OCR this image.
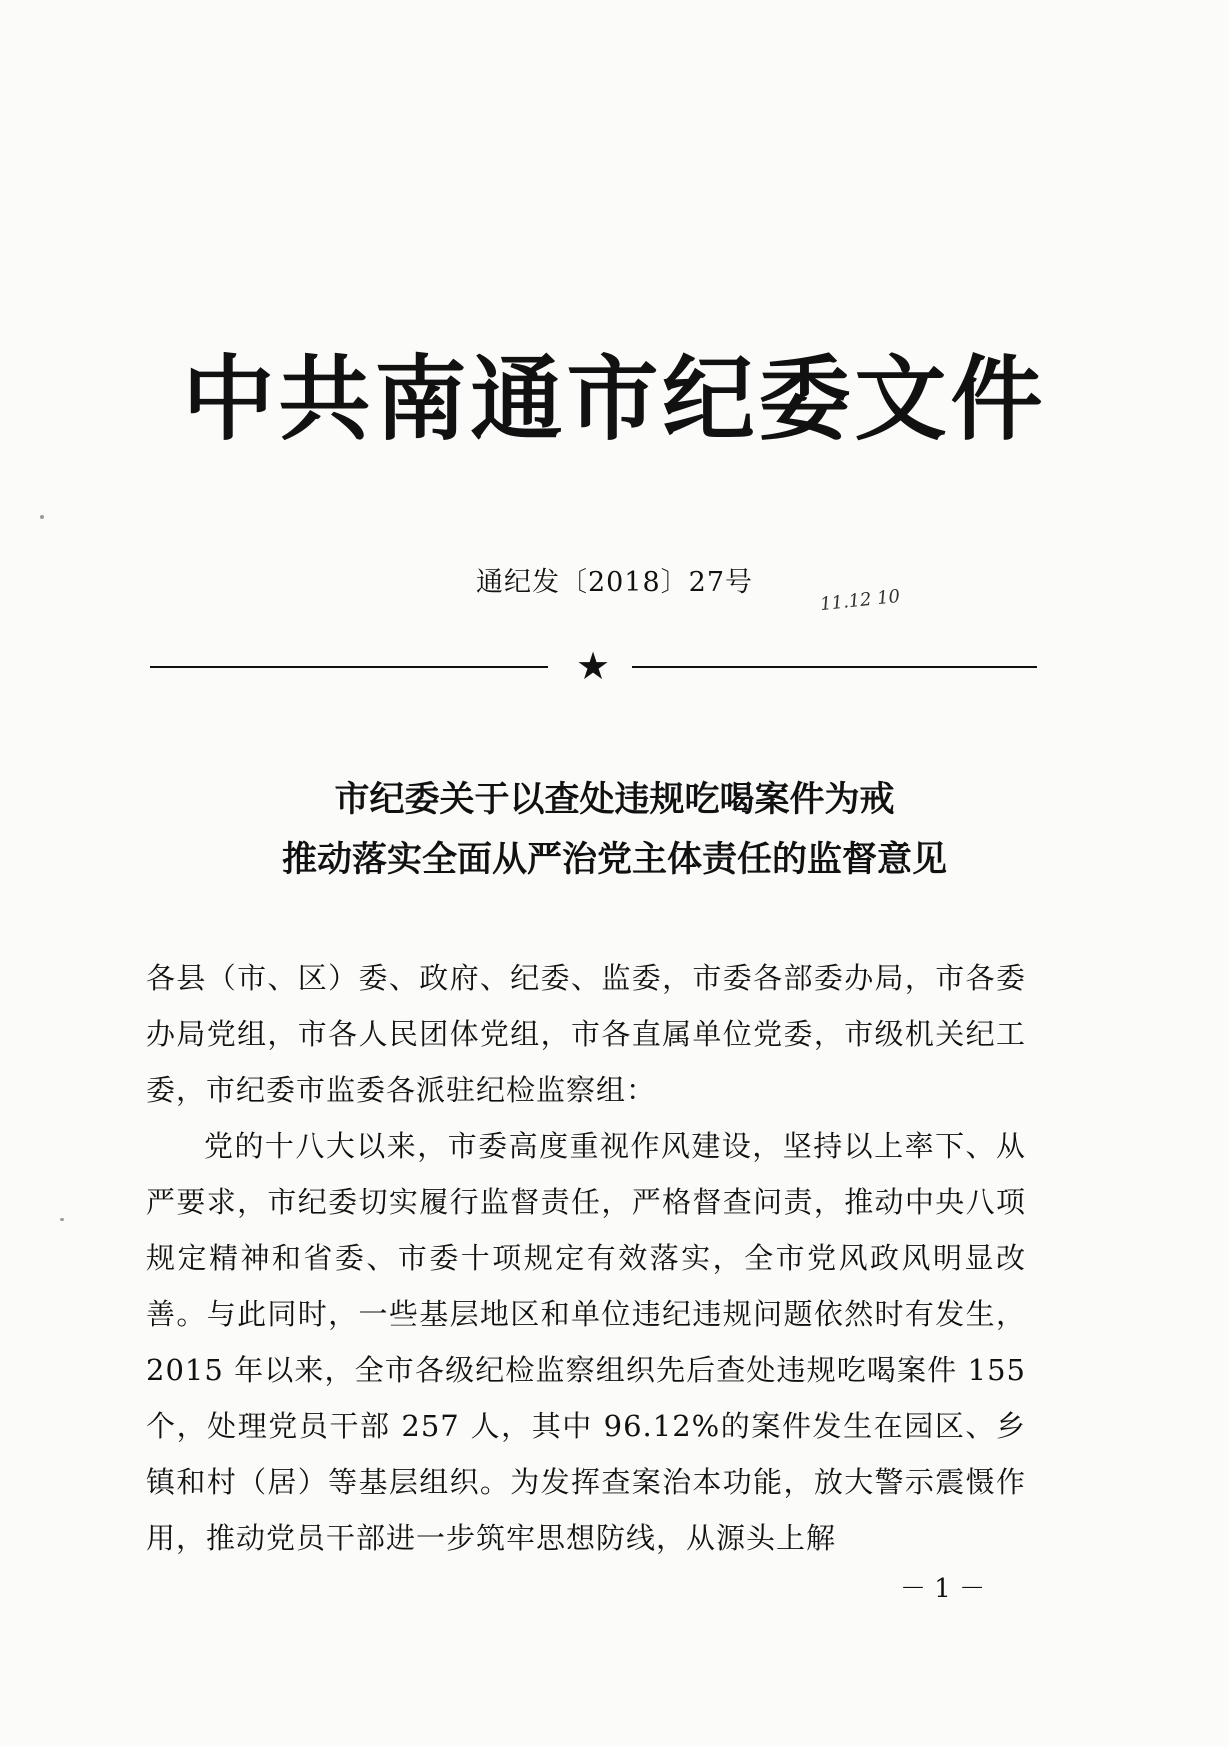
中共南通市纪委文件
通纪发〔2018〕27号
11.12 10
★
市纪委关于以查处违规吃喝案件为戒
推动落实全面从严治党主体责任的监督意见

各县（市、区）委、政府、纪委、监委，市委各部委办局，市各委办局党组，市各人民团体党组，市各直属单位党委，市级机关纪工委，市纪委市监委各派驻纪检监察组：

党的十八大以来，市委高度重视作风建设，坚持以上率下、从严要求，市纪委切实履行监督责任，严格督查问责，推动中央八项规定精神和省委、市委十项规定有效落实，全市党风政风明显改善。与此同时，一些基层地区和单位违纪违规问题依然时有发生，2015 年以来，全市各级纪检监察组织先后查处违规吃喝案件 155 个，处理党员干部 257 人，其中 96.12%的案件发生在园区、乡镇和村（居）等基层组织。为发挥查案治本功能，放大警示震慑作用，推动党员干部进一步筑牢思想防线，从源头上解

－ 1 －
